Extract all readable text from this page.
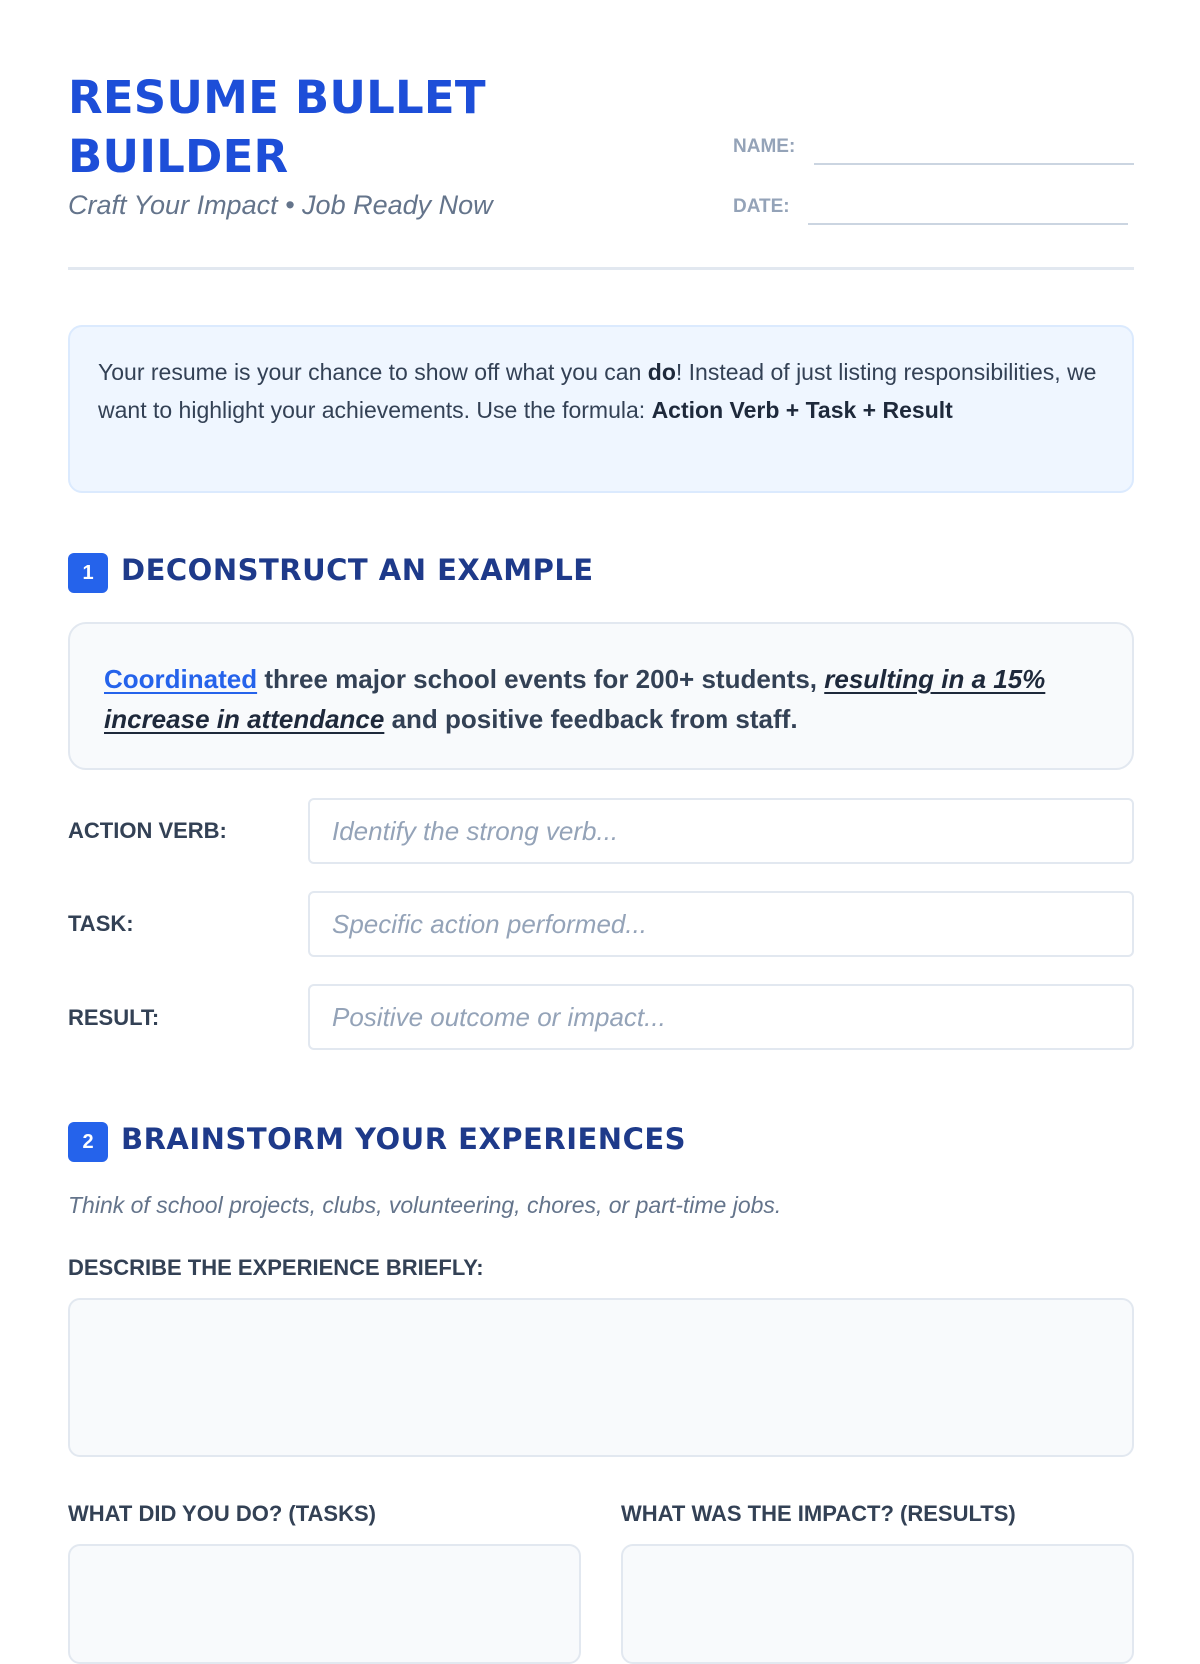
RESUME BULLET BUILDER

Craft Your Impact • Job Ready Now

NAME:
DATE:
Your resume is your chance to show off what you can do! Instead of just listing responsibilities, we want to highlight your achievements. Use the formula: Action Verb + Task + Result
1 DECONSTRUCT AN EXAMPLE
Coordinated three major school events for 200+ students, resulting in a 15% increase in attendance and positive feedback from staff.
ACTION VERB:
Identify the strong verb...
TASK:
Specific action performed...
RESULT:
Positive outcome or impact...
2 BRAINSTORM YOUR EXPERIENCES

Think of school projects, clubs, volunteering, chores, or part-time jobs.

DESCRIBE THE EXPERIENCE BRIEFLY:
WHAT DID YOU DO? (TASKS)	WHAT WAS THE IMPACT? (RESULTS)
